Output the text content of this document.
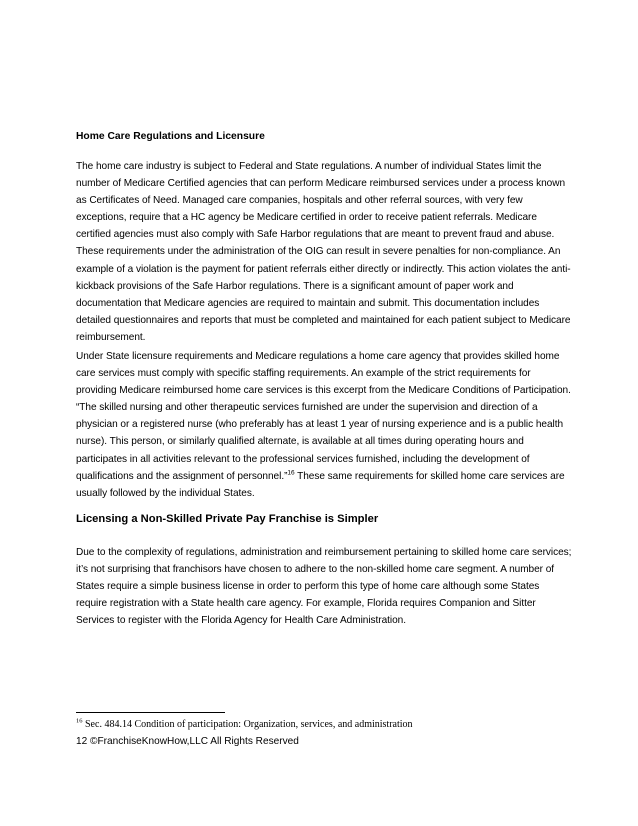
Home Care Regulations and Licensure

The home care industry is subject to Federal and State regulations. A number of individual States limit the number of Medicare Certified agencies that can perform Medicare reimbursed services under a process known as Certificates of Need. Managed care companies, hospitals and other referral sources, with very few exceptions, require that a HC agency be Medicare certified in order to receive patient referrals. Medicare certified agencies must also comply with Safe Harbor regulations that are meant to prevent fraud and abuse. These requirements under the administration of the OIG can result in severe penalties for non-compliance. An example of a violation is the payment for patient referrals either directly or indirectly. This action violates the anti-kickback provisions of the Safe Harbor regulations. There is a significant amount of paper work and documentation that Medicare agencies are required to maintain and submit. This documentation includes detailed questionnaires and reports that must be completed and maintained for each patient subject to Medicare reimbursement.

Under State licensure requirements and Medicare regulations a home care agency that provides skilled home care services must comply with specific staffing requirements. An example of the strict requirements for providing Medicare reimbursed home care services is this excerpt from the Medicare Conditions of Participation. “The skilled nursing and other therapeutic services furnished are under the supervision and direction of a physician or a registered nurse (who preferably has at least 1 year of nursing experience and is a public health nurse). This person, or similarly qualified alternate, is available at all times during operating hours and participates in all activities relevant to the professional services furnished, including the development of qualifications and the assignment of personnel.”$^{16}$ These same requirements for skilled home care services are usually followed by the individual States.

Licensing a Non-Skilled Private Pay Franchise is Simpler

Due to the complexity of regulations, administration and reimbursement pertaining to skilled home care services; it’s not surprising that franchisors have chosen to adhere to the non-skilled home care segment. A number of States require a simple business license in order to perform this type of home care although some States require registration with a State health care agency. For example, Florida requires Companion and Sitter Services to register with the Florida Agency for Health Care Administration.

$^{16}$ Sec. 484.14 Condition of participation: Organization, services, and administration
12 ©FranchiseKnowHow,LLC All Rights Reserved
